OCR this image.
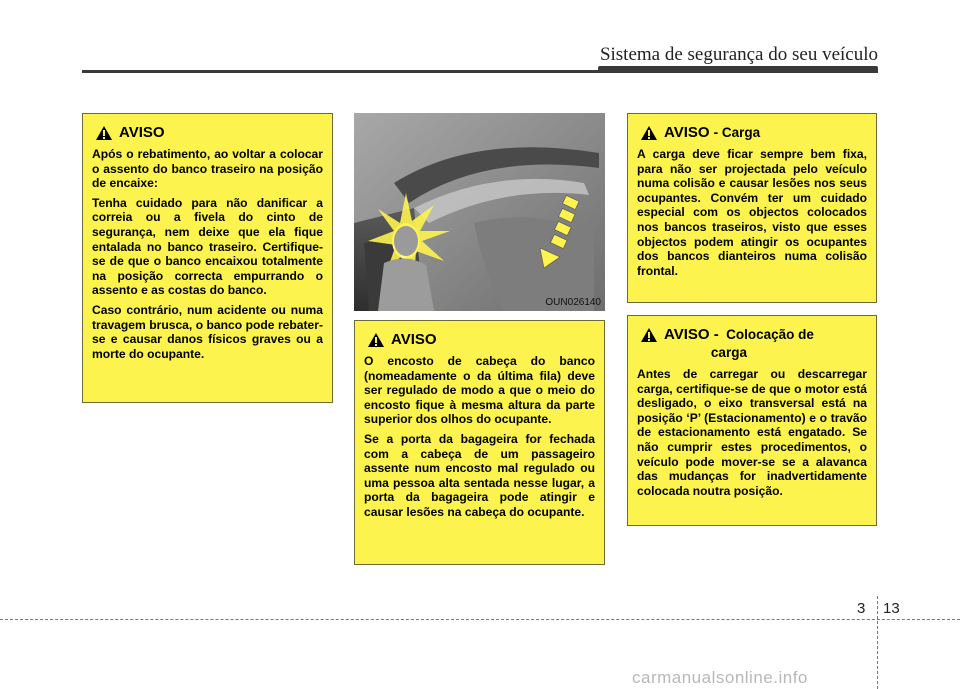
Sistema de segurança do seu veículo
AVISO

Após o rebatimento, ao voltar a colocar o assento do banco traseiro na posição de encaixe:

Tenha cuidado para não danificar a correia ou a fivela do cinto de segurança, nem deixe que ela fique entalada no banco traseiro. Certifique-se de que o banco encaixou totalmente na posição correcta empurrando o assento e as costas do banco.

Caso contrário, num acidente ou numa travagem brusca, o banco pode rebater-se e causar danos físicos graves ou a morte do ocupante.

OUN026140
AVISO

O encosto de cabeça do banco (nomeadamente o da última fila) deve ser regulado de modo a que o meio do encosto fique à mesma altura da parte superior dos olhos do ocupante.

Se a porta da bagageira for fechada com a cabeça de um passageiro assente num encosto mal regulado ou uma pessoa alta sentada nesse lugar, a porta da bagageira pode atingir e causar lesões na cabeça do ocupante.

AVISO - Carga

A carga deve ficar sempre bem fixa, para não ser projectada pelo veículo numa colisão e causar lesões nos seus ocupantes. Convém ter um cuidado especial com os objectos colocados nos bancos traseiros, visto que esses objectos podem atingir os ocupantes dos bancos dianteiros numa colisão frontal.

AVISO - Colocação de
carga

Antes de carregar ou descarregar carga, certifique-se de que o motor está desligado, o eixo transversal está na posição ‘P’ (Estacionamento) e o travão de estacionamento está engatado. Se não cumprir estes procedimentos, o veículo pode mover-se se a alavanca das mudanças for inadvertidamente colocada noutra posição.

3 13
carmanualsonline.info
